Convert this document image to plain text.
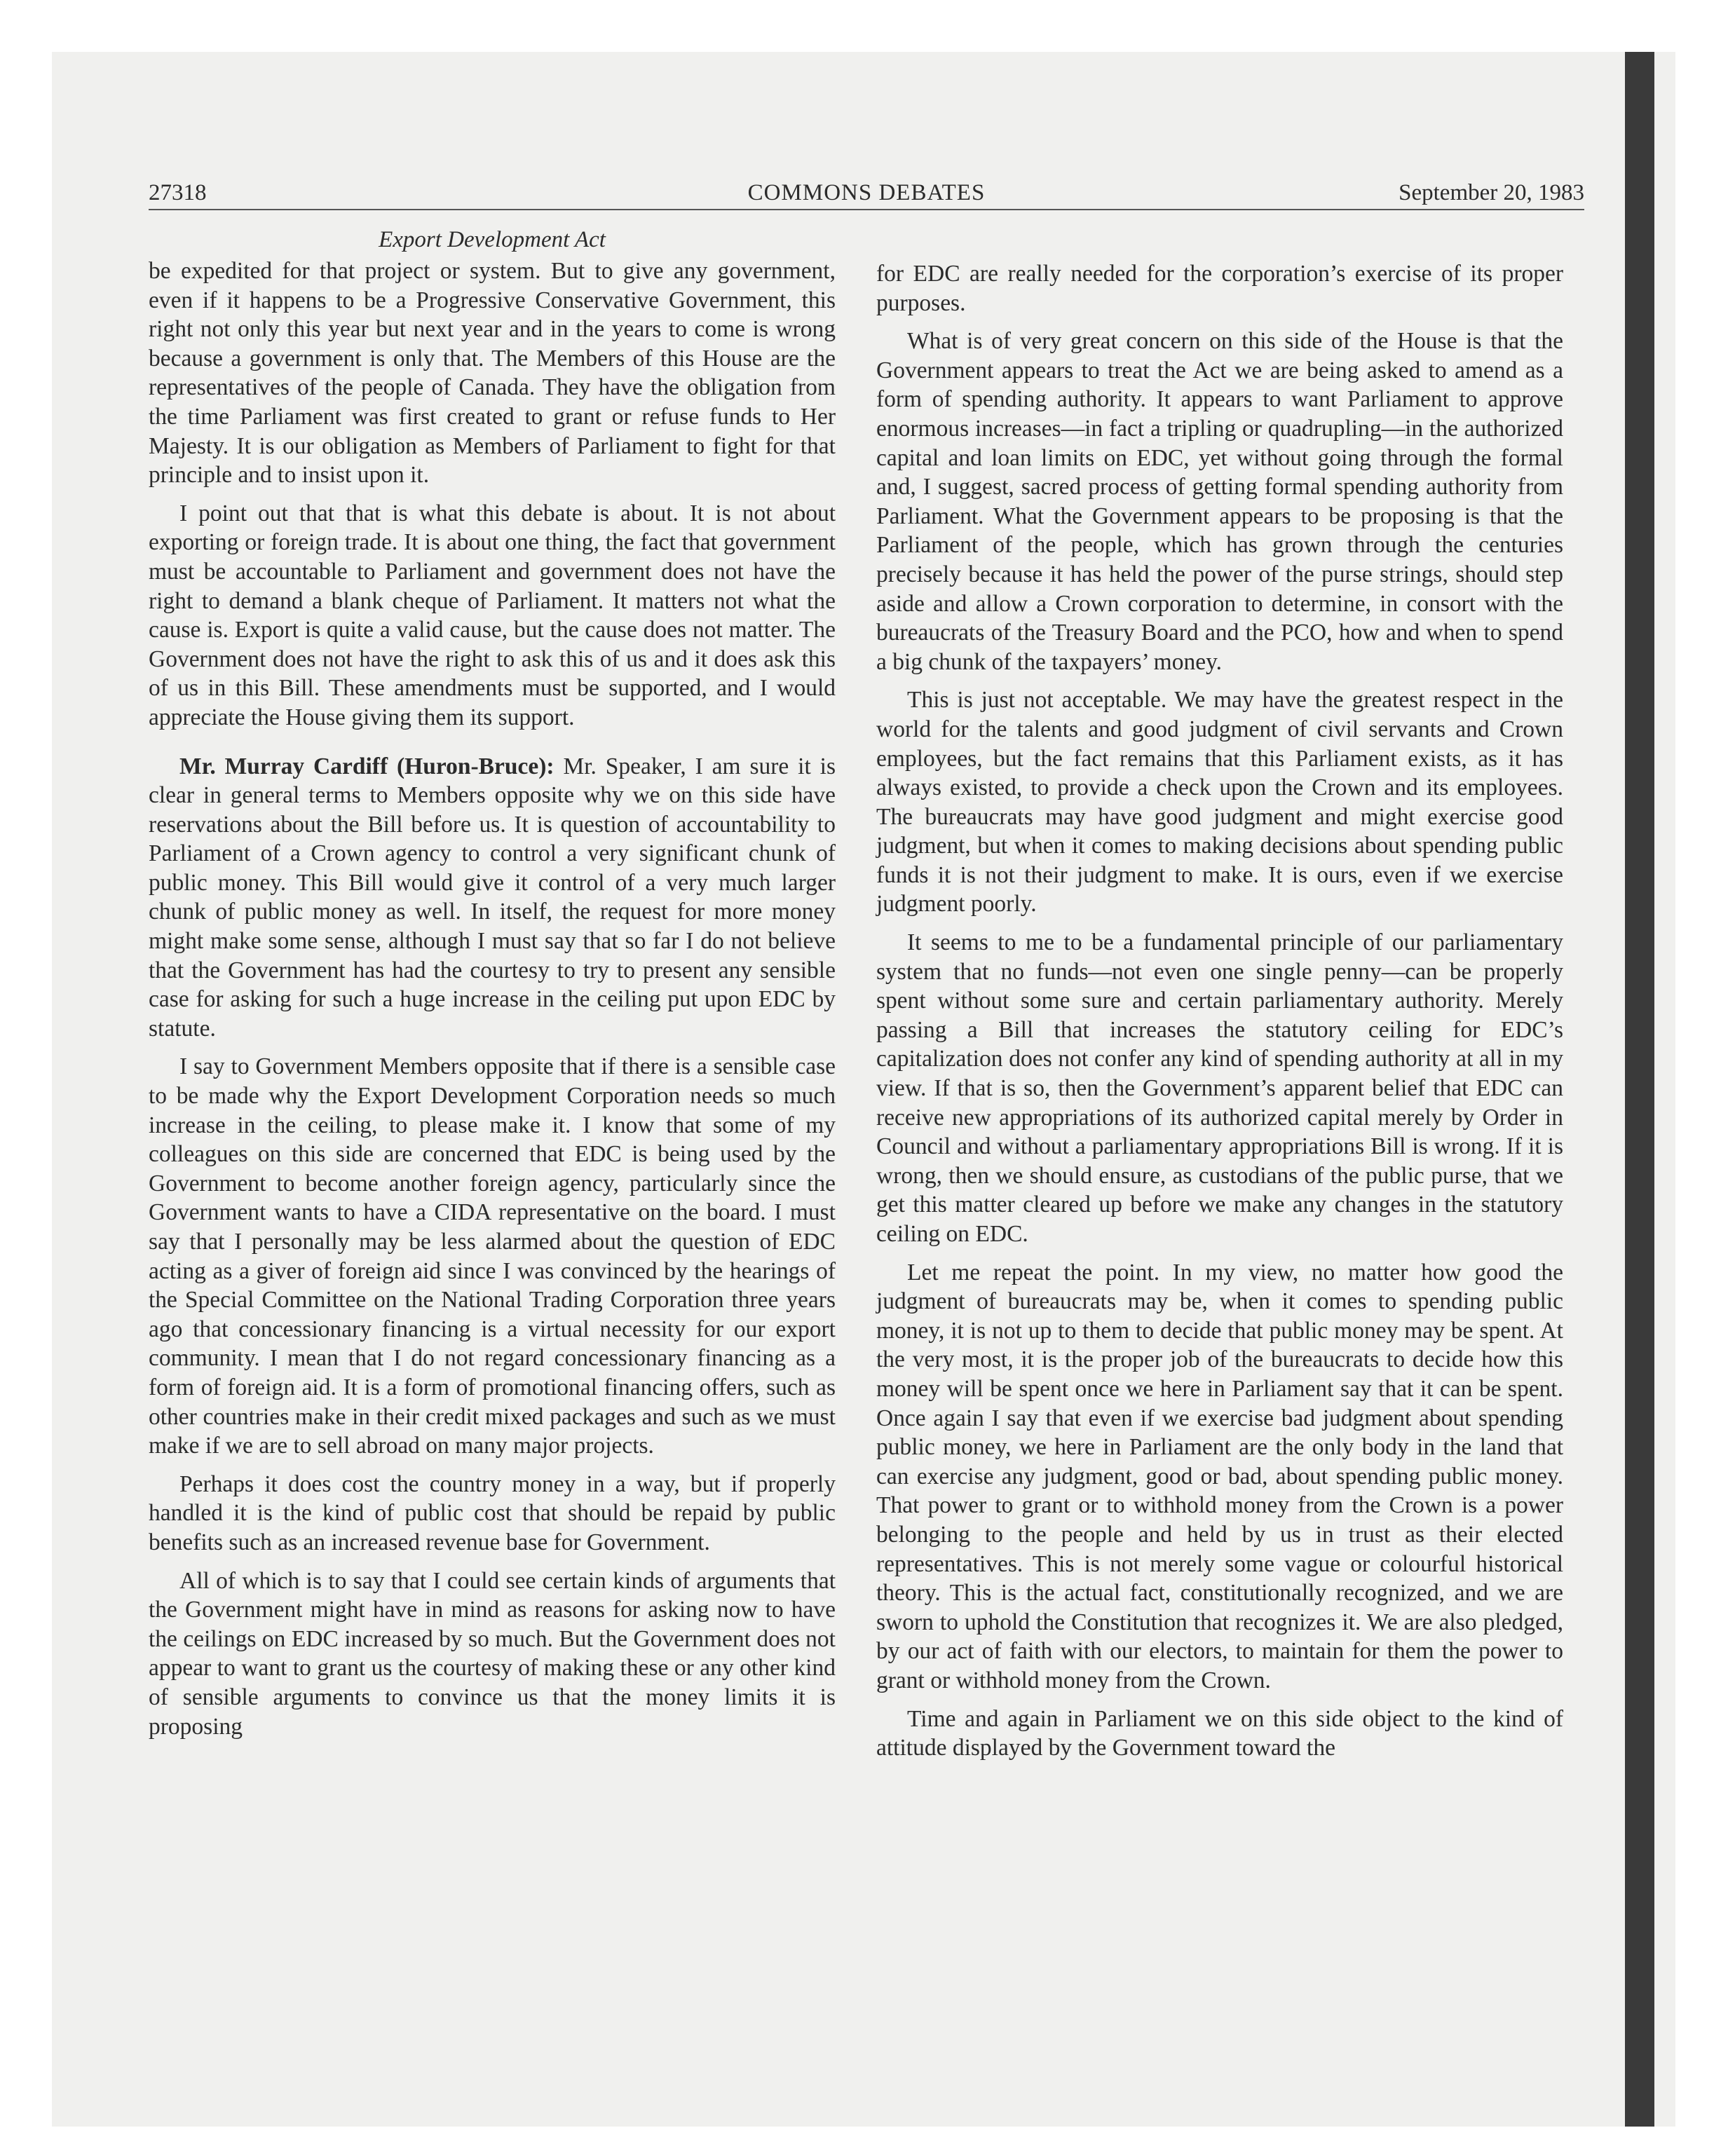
27318	COMMONS DEBATES	September 20, 1983
Export Development Act

be expedited for that project or system. But to give any government, even if it happens to be a Progressive Conservative Government, this right not only this year but next year and in the years to come is wrong because a government is only that. The Members of this House are the representatives of the people of Canada. They have the obligation from the time Parliament was first created to grant or refuse funds to Her Majesty. It is our obligation as Members of Parliament to fight for that principle and to insist upon it.

I point out that that is what this debate is about. It is not about exporting or foreign trade. It is about one thing, the fact that government must be accountable to Parliament and government does not have the right to demand a blank cheque of Parliament. It matters not what the cause is. Export is quite a valid cause, but the cause does not matter. The Government does not have the right to ask this of us and it does ask this of us in this Bill. These amendments must be supported, and I would appreciate the House giving them its support.

Mr. Murray Cardiff (Huron-Bruce): Mr. Speaker, I am sure it is clear in general terms to Members opposite why we on this side have reservations about the Bill before us. It is question of accountability to Parliament of a Crown agency to control a very significant chunk of public money. This Bill would give it control of a very much larger chunk of public money as well. In itself, the request for more money might make some sense, although I must say that so far I do not believe that the Government has had the courtesy to try to present any sensible case for asking for such a huge increase in the ceiling put upon EDC by statute.

I say to Government Members opposite that if there is a sensible case to be made why the Export Development Corporation needs so much increase in the ceiling, to please make it. I know that some of my colleagues on this side are concerned that EDC is being used by the Government to become another foreign agency, particularly since the Government wants to have a CIDA representative on the board. I must say that I personally may be less alarmed about the question of EDC acting as a giver of foreign aid since I was convinced by the hearings of the Special Committee on the National Trading Corporation three years ago that concessionary financing is a virtual necessity for our export community. I mean that I do not regard concessionary financing as a form of foreign aid. It is a form of promotional financing offers, such as other countries make in their credit mixed packages and such as we must make if we are to sell abroad on many major projects.

Perhaps it does cost the country money in a way, but if properly handled it is the kind of public cost that should be repaid by public benefits such as an increased revenue base for Government.

All of which is to say that I could see certain kinds of arguments that the Government might have in mind as reasons for asking now to have the ceilings on EDC increased by so much. But the Government does not appear to want to grant us the courtesy of making these or any other kind of sensible arguments to convince us that the money limits it is proposing

for EDC are really needed for the corporation’s exercise of its proper purposes.

What is of very great concern on this side of the House is that the Government appears to treat the Act we are being asked to amend as a form of spending authority. It appears to want Parliament to approve enormous increases—in fact a tripling or quadrupling—in the authorized capital and loan limits on EDC, yet without going through the formal and, I suggest, sacred process of getting formal spending authority from Parliament. What the Government appears to be proposing is that the Parliament of the people, which has grown through the centuries precisely because it has held the power of the purse strings, should step aside and allow a Crown corporation to determine, in consort with the bureaucrats of the Treasury Board and the PCO, how and when to spend a big chunk of the taxpayers’ money.

This is just not acceptable. We may have the greatest respect in the world for the talents and good judgment of civil servants and Crown employees, but the fact remains that this Parliament exists, as it has always existed, to provide a check upon the Crown and its employees. The bureaucrats may have good judgment and might exercise good judgment, but when it comes to making decisions about spending public funds it is not their judgment to make. It is ours, even if we exercise judgment poorly.

It seems to me to be a fundamental principle of our parliamentary system that no funds—not even one single penny—can be properly spent without some sure and certain parliamentary authority. Merely passing a Bill that increases the statutory ceiling for EDC’s capitalization does not confer any kind of spending authority at all in my view. If that is so, then the Government’s apparent belief that EDC can receive new appropriations of its authorized capital merely by Order in Council and without a parliamentary appropriations Bill is wrong. If it is wrong, then we should ensure, as custodians of the public purse, that we get this matter cleared up before we make any changes in the statutory ceiling on EDC.

Let me repeat the point. In my view, no matter how good the judgment of bureaucrats may be, when it comes to spending public money, it is not up to them to decide that public money may be spent. At the very most, it is the proper job of the bureaucrats to decide how this money will be spent once we here in Parliament say that it can be spent. Once again I say that even if we exercise bad judgment about spending public money, we here in Parliament are the only body in the land that can exercise any judgment, good or bad, about spending public money. That power to grant or to withhold money from the Crown is a power belonging to the people and held by us in trust as their elected representatives. This is not merely some vague or colourful historical theory. This is the actual fact, constitutionally recognized, and we are sworn to uphold the Constitution that recognizes it. We are also pledged, by our act of faith with our electors, to maintain for them the power to grant or withhold money from the Crown.

Time and again in Parliament we on this side object to the kind of attitude displayed by the Government toward the
